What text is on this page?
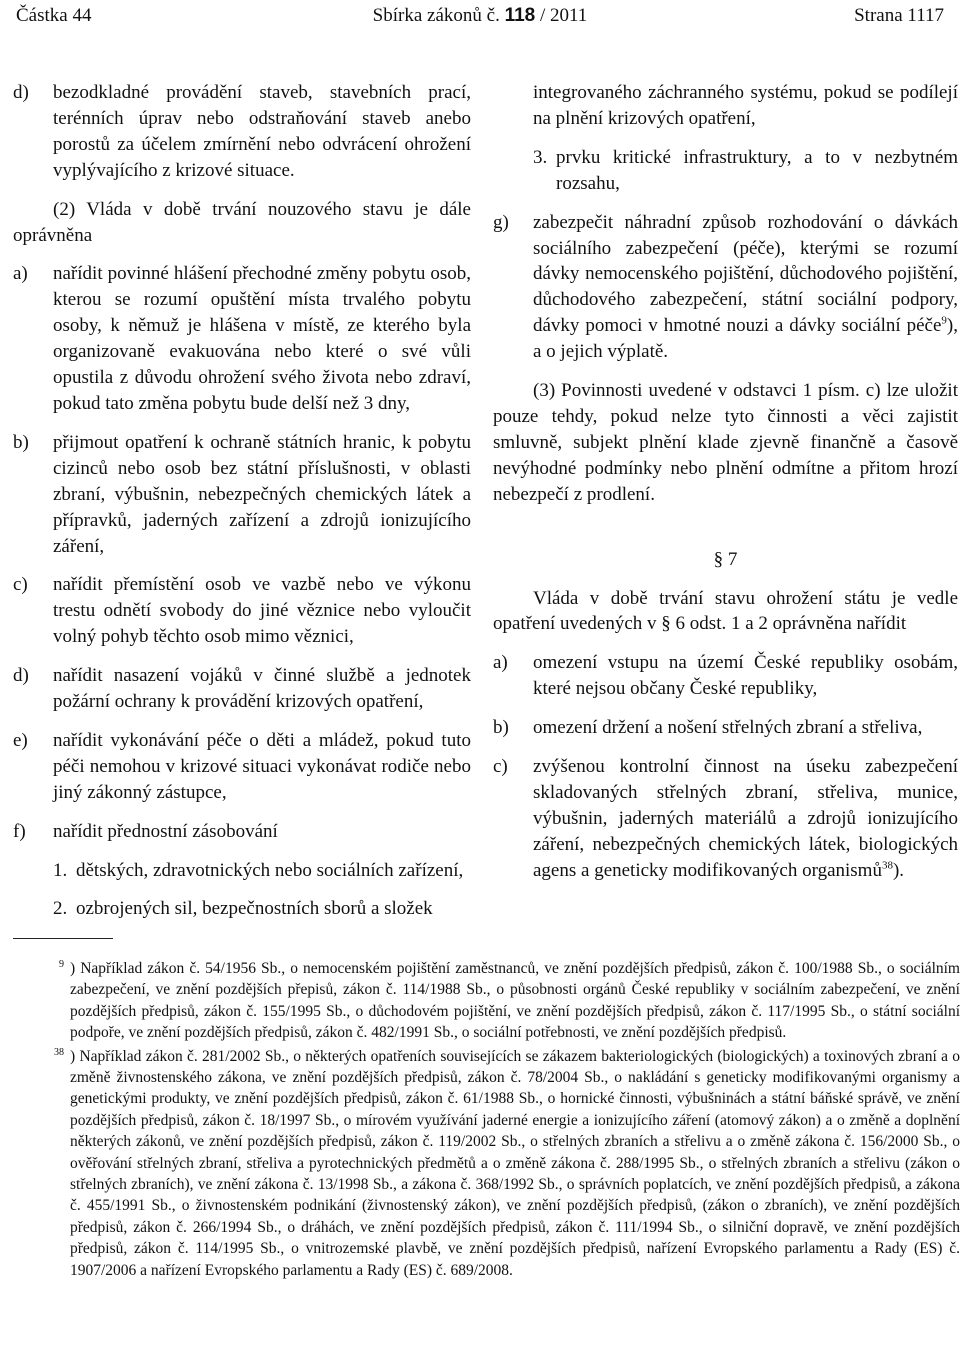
Částka 44	Sbírka zákonů č. 118 / 2011	Strana 1117
d)	bezodkladné provádění staveb, stavebních prací, terénních úprav nebo odstraňování staveb anebo porostů za účelem zmírnění nebo odvrácení ohrožení vyplývajícího z krizové situace.

(2) Vláda v době trvání nouzového stavu je dále oprávněna

a)	nařídit povinné hlášení přechodné změny pobytu osob, kterou se rozumí opuštění místa trvalého pobytu osoby, k němuž je hlášena v místě, ze kterého byla organizovaně evakuována nebo které o své vůli opustila z důvodu ohrožení svého života nebo zdraví, pokud tato změna pobytu bude delší než 3 dny,
b)	přijmout opatření k ochraně státních hranic, k pobytu cizinců nebo osob bez státní příslušnosti, v oblasti zbraní, výbušnin, nebezpečných chemických látek a přípravků, jaderných zařízení a zdrojů ionizujícího záření,
c)	nařídit přemístění osob ve vazbě nebo ve výkonu trestu odnětí svobody do jiné věznice nebo vyloučit volný pohyb těchto osob mimo věznici,
d)	nařídit nasazení vojáků v činné službě a jednotek požární ochrany k provádění krizových opatření,
e)	nařídit vykonávání péče o děti a mládež, pokud tuto péči nemohou v krizové situaci vykonávat rodiče nebo jiný zákonný zástupce,
f)	nařídit přednostní zásobování
1. dětských, zdravotnických nebo sociálních zařízení,
2. ozbrojených sil, bezpečnostních sborů a složek
integrovaného záchranného systému, pokud se podílejí na plnění krizových opatření,
3. prvku kritické infrastruktury, a to v nezbytném rozsahu,
g)	zabezpečit náhradní způsob rozhodování o dávkách sociálního zabezpečení (péče), kterými se rozumí dávky nemocenského pojištění, důchodového pojištění, důchodového zabezpečení, státní sociální podpory, dávky pomoci v hmotné nouzi a dávky sociální péče$^9$), a o jejich výplatě.

(3) Povinnosti uvedené v odstavci 1 písm. c) lze uložit pouze tehdy, pokud nelze tyto činnosti a věci zajistit smluvně, subjekt plnění klade zjevně finančně a časově nevýhodné podmínky nebo plnění odmítne a přitom hrozí nebezpečí z prodlení.

§ 7

Vláda v době trvání stavu ohrožení státu je vedle opatření uvedených v § 6 odst. 1 a 2 oprávněna nařídit

a)	omezení vstupu na území České republiky osobám, které nejsou občany České republiky,
b)	omezení držení a nošení střelných zbraní a střeliva,
c)	zvýšenou kontrolní činnost na úseku zabezpečení skladovaných střelných zbraní, střeliva, munice, výbušnin, jaderných materiálů a zdrojů ionizujícího záření, nebezpečných chemických látek, biologických agens a geneticky modifikovaných organismů$^{38}$).
$^9$ ) Například zákon č. 54/1956 Sb., o nemocenském pojištění zaměstnanců, ve znění pozdějších předpisů, zákon č. 100/1988 Sb., o sociálním zabezpečení, ve znění pozdějších přepisů, zákon č. 114/1988 Sb., o působnosti orgánů České republiky v sociálním zabezpečení, ve znění pozdějších předpisů, zákon č. 155/1995 Sb., o důchodovém pojištění, ve znění pozdějších předpisů, zákon č. 117/1995 Sb., o státní sociální podpoře, ve znění pozdějších předpisů, zákon č. 482/1991 Sb., o sociální potřebnosti, ve znění pozdějších předpisů.
$^{38}$ ) Například zákon č. 281/2002 Sb., o některých opatřeních souvisejících se zákazem bakteriologických (biologických) a toxinových zbraní a o změně živnostenského zákona, ve znění pozdějších předpisů, zákon č. 78/2004 Sb., o nakládání s geneticky modifikovanými organismy a genetickými produkty, ve znění pozdějších předpisů, zákon č. 61/1988 Sb., o hornické činnosti, výbušninách a státní báňské správě, ve znění pozdějších předpisů, zákon č. 18/1997 Sb., o mírovém využívání jaderné energie a ionizujícího záření (atomový zákon) a o změně a doplnění některých zákonů, ve znění pozdějších předpisů, zákon č. 119/2002 Sb., o střelných zbraních a střelivu a o změně zákona č. 156/2000 Sb., o ověřování střelných zbraní, střeliva a pyrotechnických předmětů a o změně zákona č. 288/1995 Sb., o střelných zbraních a střelivu (zákon o střelných zbraních), ve znění zákona č. 13/1998 Sb., a zákona č. 368/1992 Sb., o správních poplatcích, ve znění pozdějších předpisů, a zákona č. 455/1991 Sb., o živnostenském podnikání (živnostenský zákon), ve znění pozdějších předpisů, (zákon o zbraních), ve znění pozdějších předpisů, zákon č. 266/1994 Sb., o dráhách, ve znění pozdějších předpisů, zákon č. 111/1994 Sb., o silniční dopravě, ve znění pozdějších předpisů, zákon č. 114/1995 Sb., o vnitrozemské plavbě, ve znění pozdějších předpisů, nařízení Evropského parlamentu a Rady (ES) č. 1907/2006 a nařízení Evropského parlamentu a Rady (ES) č. 689/2008.
